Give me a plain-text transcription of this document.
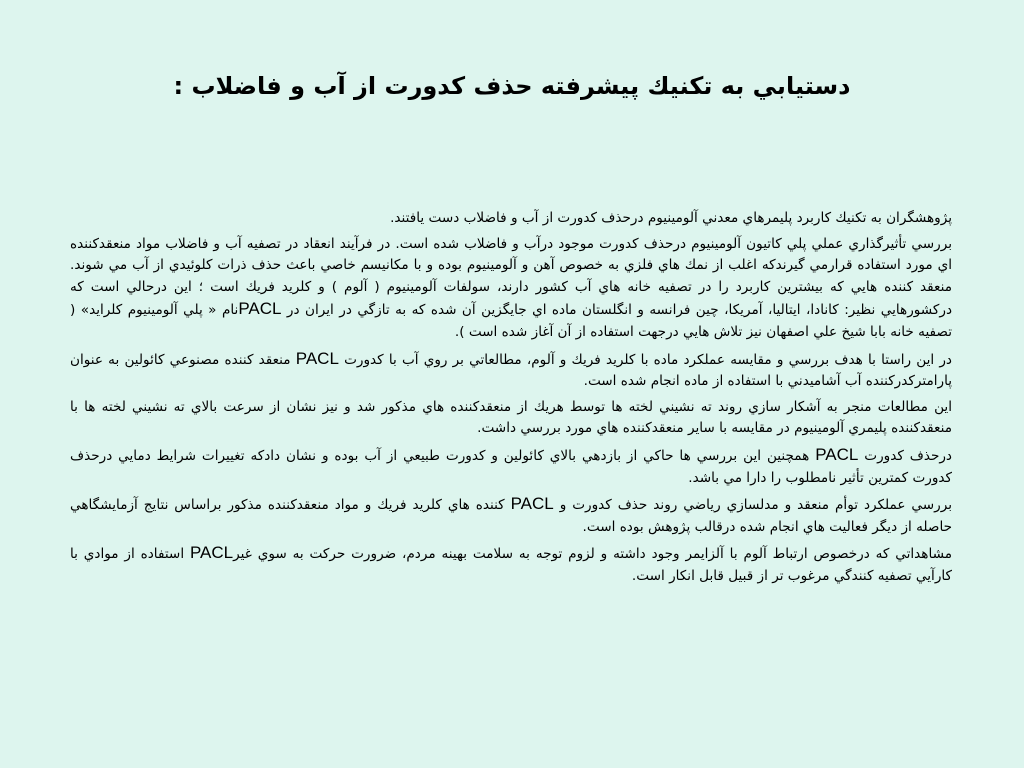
دستيابي به تكنيك پيشرفته حذف كدورت از آب و فاضلاب :

پژوهشگران به تكنيك كاربرد پليمرهاي معدني آلومينيوم درحذف كدورت از آب و فاضلاب دست يافتند.

بررسي تأثيرگذاري عملي پلي كاتيون آلومينيوم درحذف كدورت موجود درآب و فاضلاب شده است. در فرآيند انعقاد در تصفيه آب و فاضلاب مواد منعقدكننده اي مورد استفاده قرارمي گيرندكه اغلب از نمك هاي فلزي به خصوص آهن و آلومينيوم بوده و با مكانيسم خاصي باعث حذف ذرات كلوئيدي از آب مي شوند. منعقد كننده هايي كه بيشترين كاربرد را در تصفيه خانه هاي آب كشور دارند، سولفات آلومينيوم ( آلوم ) و كلريد فريك است ؛ اين درحالي است كه دركشورهايي نظير: كانادا، ايتاليا، آمريكا، چين فرانسه و انگلستان ماده اي جايگزين آن شده كه به تازگي در ايران در PACLنام « پلي آلومينيوم كلرايد» ( تصفيه خانه بابا شيخ علي اصفهان نيز تلاش هايي درجهت استفاده از آن آغاز شده است ).

در اين راستا با هدف بررسي و مقايسه عملكرد ماده با كلريد فريك و آلوم، مطالعاتي بر روي آب با كدورت PACL منعقد كننده مصنوعي كائولين به عنوان پارامتركدركننده آب آشاميدني با استفاده از ماده انجام شده است.

اين مطالعات منجر به آشكار سازي روند ته نشيني لخته ها توسط هريك از منعقدكننده هاي مذكور شد و نيز نشان از سرعت بالاي ته نشيني لخته ها با منعقدكننده پليمري آلومينيوم در مقايسه با ساير منعقدكننده هاي مورد بررسي داشت.

درحذف كدورت PACL همچنين اين بررسي ها حاكي از بازدهي بالاي كائولين و كدورت طبيعي از آب بوده و نشان دادكه تغييرات شرايط دمايي درحذف كدورت كمترين تأثير نامطلوب را دارا مي باشد.

بررسي عملكرد توأم منعقد و مدلسازي رياضي روند حذف كدورت و PACL كننده هاي كلريد فريك و مواد منعقدكننده مذكور براساس نتايج آزمايشگاهي حاصله از ديگر فعاليت هاي انجام شده درقالب پژوهش بوده است.

مشاهداتي كه درخصوص ارتباط آلوم با آلزايمر وجود داشته و لزوم توجه به سلامت بهينه مردم، ضرورت حركت به سوي غيرPACL استفاده از موادي با كارآيي تصفيه كنندگي مرغوب تر از قبيل قابل انكار است.
